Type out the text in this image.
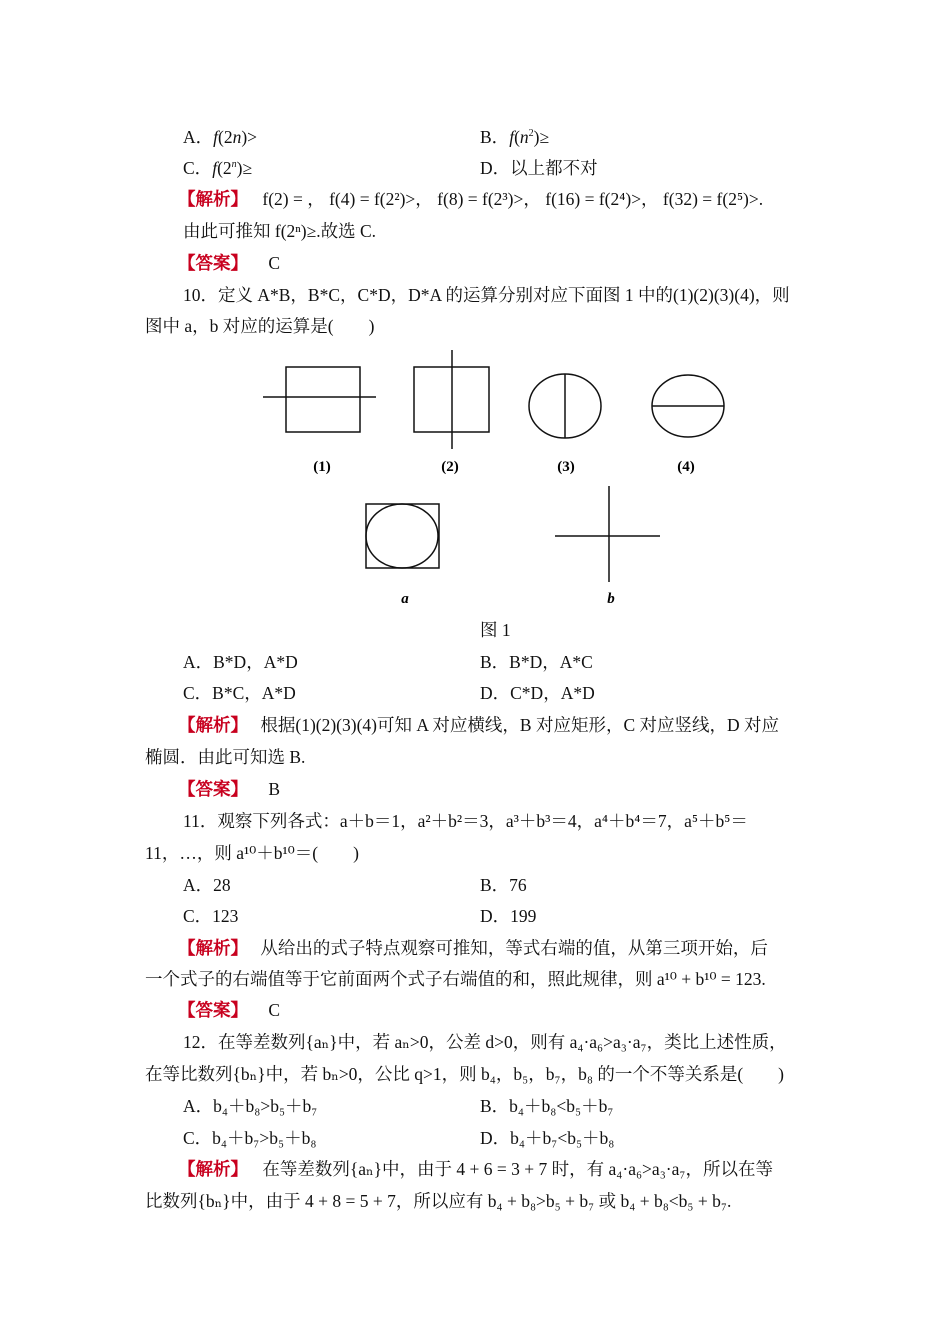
A．f(2n)>	B．$f(n^2)\ge$
C．$f(2^n)\ge$	D．以上都不对
【解析】 f(2) = ， f(4) = f(2²)>， f(8) = f(2³)>， f(16) = f(2⁴)>， f(32) = f(2⁵)>.
由此可推知 f(2ⁿ)≥.故选 C.
【答案】 C
10．定义 A*B，B*C，C*D，D*A 的运算分别对应下面图 1 中的(1)(2)(3)(4)，则
图中 a，b 对应的运算是(　　)
(1)	(2)	(3)	(4)
a	b
图 1
A．B*D，A*D	B．B*D，A*C
C．B*C，A*D	D．C*D，A*D
【解析】 根据(1)(2)(3)(4)可知 A 对应横线，B 对应矩形，C 对应竖线，D 对应
椭圆．由此可知选 B.
【答案】 B
11．观察下列各式：a＋b＝1，a²＋b²＝3，a³＋b³＝4，a⁴＋b⁴＝7，a⁵＋b⁵＝
11，…，则 a¹⁰＋b¹⁰＝(　　)
A．28	B．76
C．123	D．199
【解析】 从给出的式子特点观察可推知，等式右端的值，从第三项开始，后
一个式子的右端值等于它前面两个式子右端值的和，照此规律，则 a¹⁰ + b¹⁰ = 123.
【答案】 C
12．在等差数列{aₙ}中，若 aₙ>0，公差 d>0，则有 a₄·a₆>a₃·a₇，类比上述性质，
在等比数列{bₙ}中，若 bₙ>0，公比 q>1，则 b₄，b₅，b₇，b₈ 的一个不等关系是(　　)
A．b₄＋b₈>b₅＋b₇	B．b₄＋b₈<b₅＋b₇
C．b₄＋b₇>b₅＋b₈	D．b₄＋b₇<b₅＋b₈
【解析】 在等差数列{aₙ}中，由于 4 + 6 = 3 + 7 时，有 a₄·a₆>a₃·a₇，所以在等
比数列{bₙ}中，由于 4 + 8 = 5 + 7，所以应有 b₄ + b₈>b₅ + b₇ 或 b₄ + b₈<b₅ + b₇.
